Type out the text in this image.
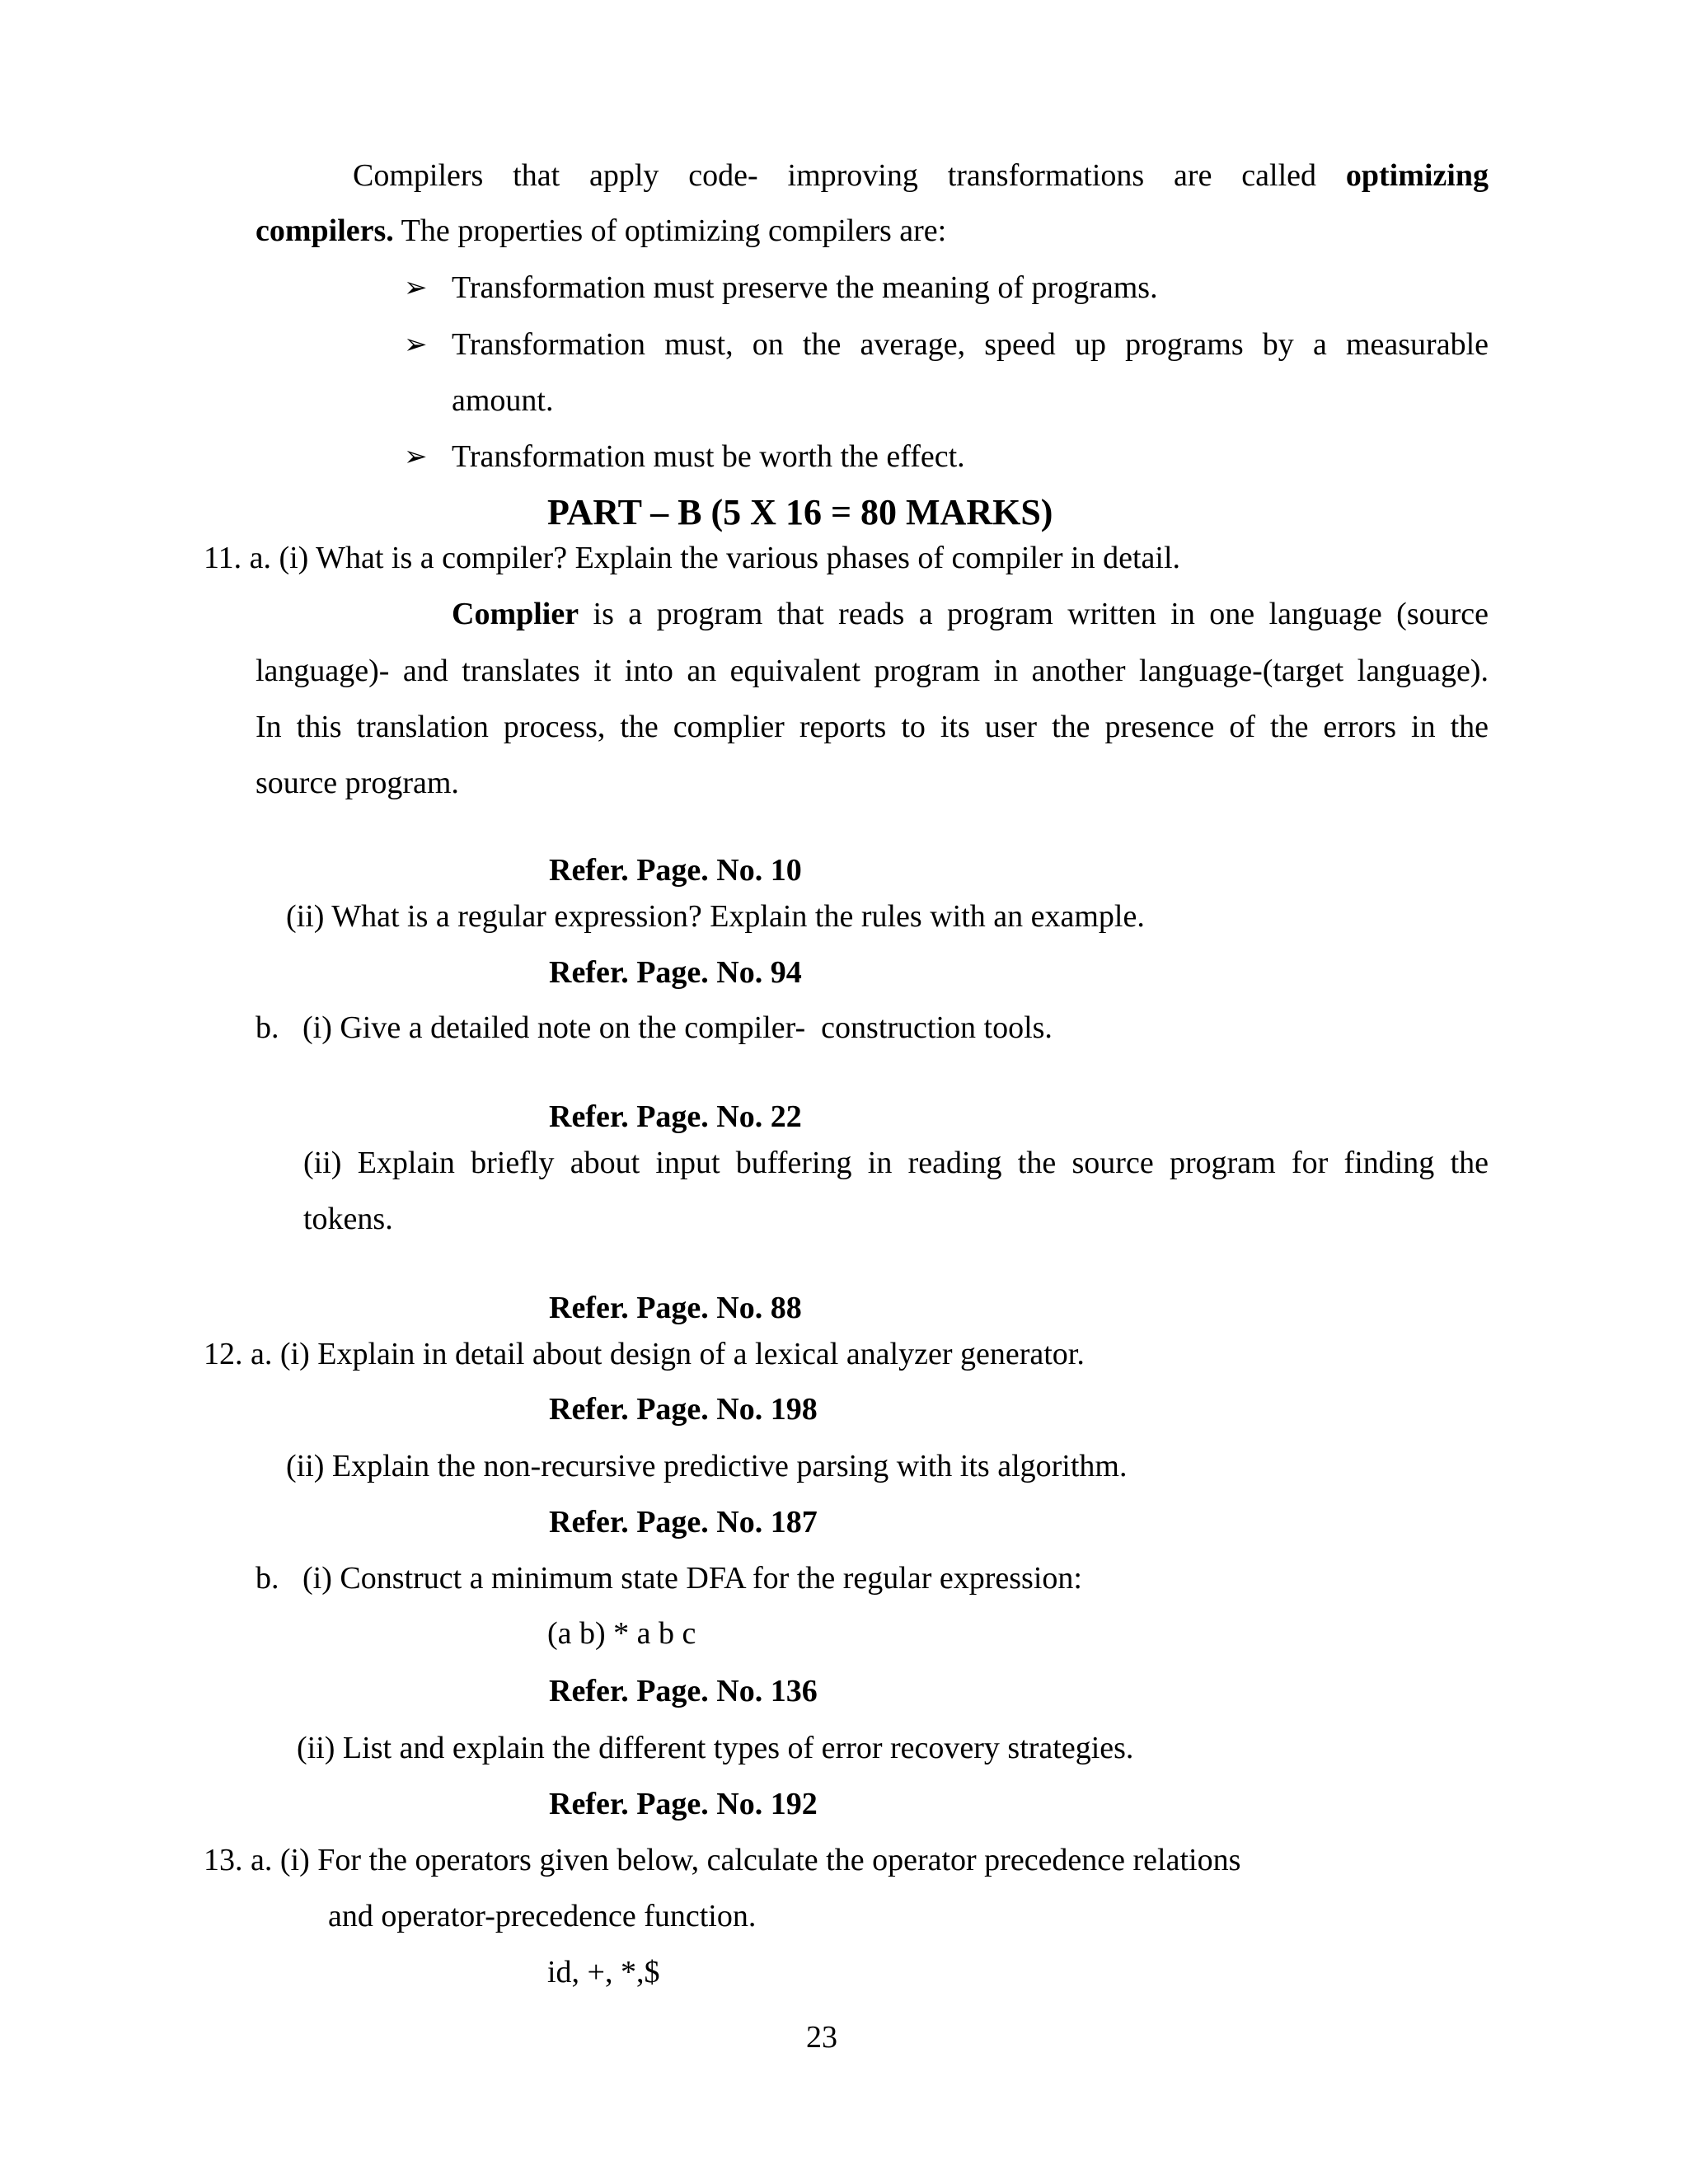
Compilers that apply code- improving transformations are called optimizing

compilers. The properties of optimizing compilers are:

➢ Transformation must preserve the meaning of programs.

➢ Transformation must, on the average, speed up programs by a measurable

amount.

➢ Transformation must be worth the effect.

PART – B (5 X 16 = 80 MARKS)

11. a. (i) What is a compiler? Explain the various phases of compiler in detail.

Complier is a program that reads a program written in one language (source

language)- and translates it into an equivalent program in another language-(target language).

In this translation process, the complier reports to its user the presence of the errors in the

source program.

Refer. Page. No. 10

(ii) What is a regular expression? Explain the rules with an example.

Refer. Page. No. 94

b.   (i) Give a detailed note on the compiler-  construction tools.

Refer. Page. No. 22

(ii) Explain briefly about input buffering in reading the source program for finding the

tokens.

Refer. Page. No. 88

12. a. (i) Explain in detail about design of a lexical analyzer generator.

Refer. Page. No. 198

(ii) Explain the non-recursive predictive parsing with its algorithm.

Refer. Page. No. 187

b.   (i) Construct a minimum state DFA for the regular expression:

(a b) * a b c

Refer. Page. No. 136

(ii) List and explain the different types of error recovery strategies.

Refer. Page. No. 192

13. a. (i) For the operators given below, calculate the operator precedence relations

and operator-precedence function.

id, +, *,$

23
